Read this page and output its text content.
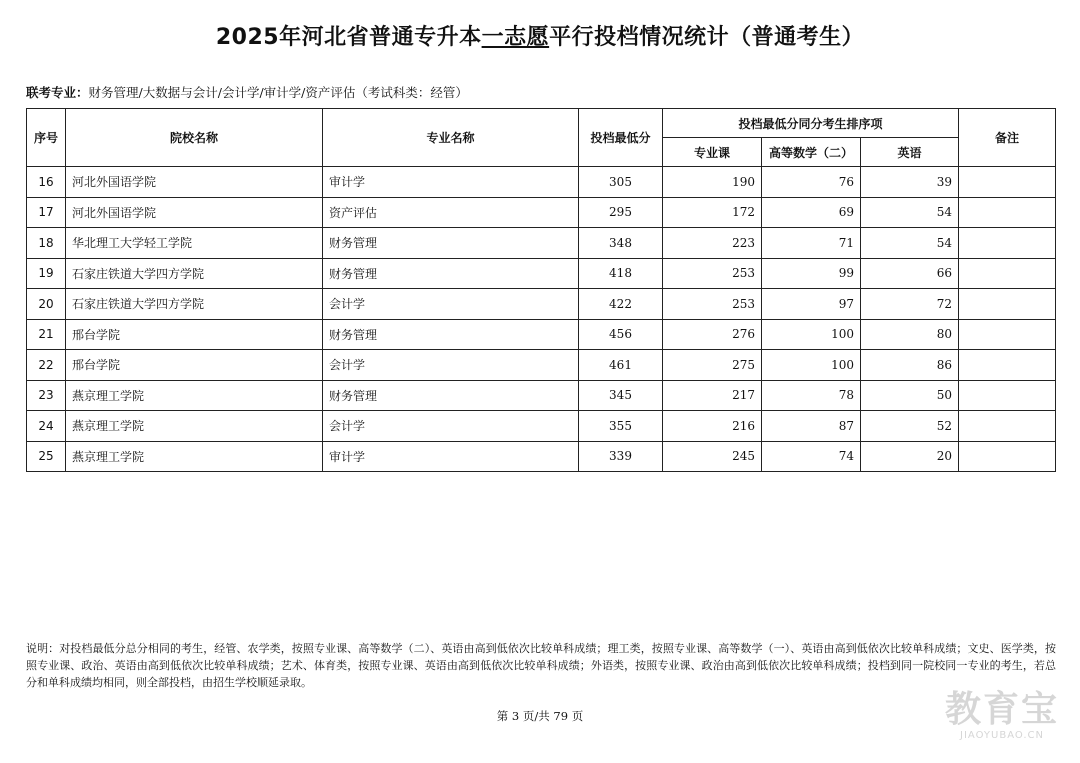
2025年河北省普通专升本一志愿平行投档情况统计（普通考生）
联考专业：财务管理/大数据与会计/会计学/审计学/资产评估（考试科类：经管）
序号	院校名称	专业名称	投档最低分	投档最低分同分考生排序项			备注
				专业课	高等数学（二）	英语	
16	河北外国语学院	审计学	305	190	76	39	
17	河北外国语学院	资产评估	295	172	69	54	
18	华北理工大学轻工学院	财务管理	348	223	71	54	
19	石家庄铁道大学四方学院	财务管理	418	253	99	66	
20	石家庄铁道大学四方学院	会计学	422	253	97	72	
21	邢台学院	财务管理	456	276	100	80	
22	邢台学院	会计学	461	275	100	86	
23	燕京理工学院	财务管理	345	217	78	50	
24	燕京理工学院	会计学	355	216	87	52	
25	燕京理工学院	审计学	339	245	74	20	
说明：对投档最低分总分相同的考生，经管、农学类，按照专业课、高等数学（二）、英语由高到低依次比较单科成绩；理工类，按照专业课、高等数学（一）、英语由高到低依次比较单科成绩；文史、医学类，按照专业课、政治、英语由高到低依次比较单科成绩；艺术、体育类，按照专业课、英语由高到低依次比较单科成绩；外语类，按照专业课、政治由高到低依次比较单科成绩；投档到同一院校同一专业的考生，若总分和单科成绩均相同，则全部投档，由招生学校顺延录取。
第 3 页/共 79 页	教育宝
JIAOYUBAO.CN
